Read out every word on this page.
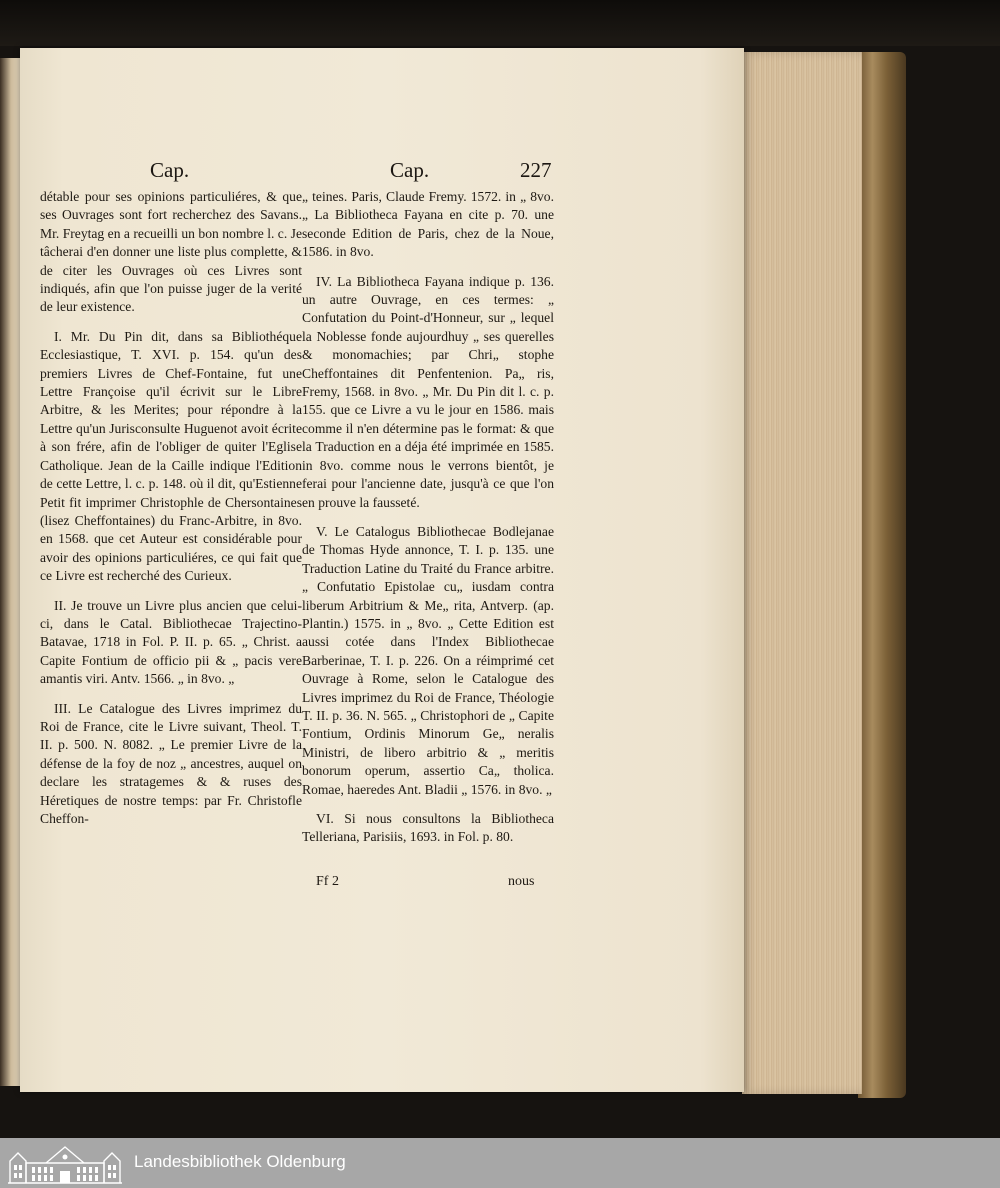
Cap.	Cap.	227

détable pour ses opinions particuliéres, & que ses Ouvrages sont fort recherchez des Savans. Mr. Freytag en a recueilli un bon nombre l. c. Je tâcherai d'en donner une liste plus complette, & de citer les Ouvrages où ces Livres sont indiqués, afin que l'on puisse juger de la verité de leur existence.

I. Mr. Du Pin dit, dans sa Bibliothéque Ecclesiastique, T. XVI. p. 154. qu'un des premiers Livres de Chef-Fontaine, fut une Lettre Françoise qu'il écrivit sur le Libre Arbitre, & les Merites; pour répondre à la Lettre qu'un Jurisconsulte Huguenot avoit écrite à son frére, afin de l'obliger de quiter l'Eglise Catholique. Jean de la Caille indique l'Edition de cette Lettre, l. c. p. 148. où il dit, qu'Estienne Petit fit imprimer Christophle de Chersontaines (lisez Cheffontaines) du Franc-Arbitre, in 8vo. en 1568. que cet Auteur est considérable pour avoir des opinions particuliéres, ce qui fait que ce Livre est recherché des Curieux.

II. Je trouve un Livre plus ancien que celui-ci, dans le Catal. Bibliothecae Trajectino-Batavae, 1718 in Fol. P. II. p. 65. „ Christ. a Capite Fontium de officio pii & „ pacis vere amantis viri. Antv. 1566. „ in 8vo. „

III. Le Catalogue des Livres imprimez du Roi de France, cite le Livre suivant, Theol. T. II. p. 500. N. 8082. „ Le premier Livre de la défense de la foy de noz „ ancestres, auquel on declare les stratagemes & & ruses des Héretiques de nostre temps: par Fr. Christofle Cheffon-

„ teines. Paris, Claude Fremy. 1572. in „ 8vo. „ La Bibliotheca Fayana en cite p. 70. une seconde Edition de Paris, chez de la Noue, 1586. in 8vo.

IV. La Bibliotheca Fayana indique p. 136. un autre Ouvrage, en ces termes: „ Confutation du Point-d'Honneur, sur „ lequel la Noblesse fonde aujourdhuy „ ses querelles & monomachies; par Chri„ stophe Cheffontaines dit Penfentenion. Pa„ ris, Fremy, 1568. in 8vo. „ Mr. Du Pin dit l. c. p. 155. que ce Livre a vu le jour en 1586. mais comme il n'en détermine pas le format: & que la Traduction en a déja été imprimée en 1585. in 8vo. comme nous le verrons bientôt, je ferai pour l'ancienne date, jusqu'à ce que l'on en prouve la fausseté.

V. Le Catalogus Bibliothecae Bodlejanae de Thomas Hyde annonce, T. I. p. 135. une Traduction Latine du Traité du France arbitre. „ Confutatio Epistolae cu„ iusdam contra liberum Arbitrium & Me„ rita, Antverp. (ap. Plantin.) 1575. in „ 8vo. „ Cette Edition est aussi cotée dans l'Index Bibliothecae Barberinae, T. I. p. 226. On a réimprimé cet Ouvrage à Rome, selon le Catalogue des Livres imprimez du Roi de France, Théologie T. II. p. 36. N. 565. „ Christophori de „ Capite Fontium, Ordinis Minorum Ge„ neralis Ministri, de libero arbitrio & „ meritis bonorum operum, assertio Ca„ tholica. Romae, haeredes Ant. Bladii „ 1576. in 8vo. „

VI. Si nous consultons la Bibliotheca Telleriana, Parisiis, 1693. in Fol. p. 80.

Ff 2	nous
Landesbibliothek Oldenburg
